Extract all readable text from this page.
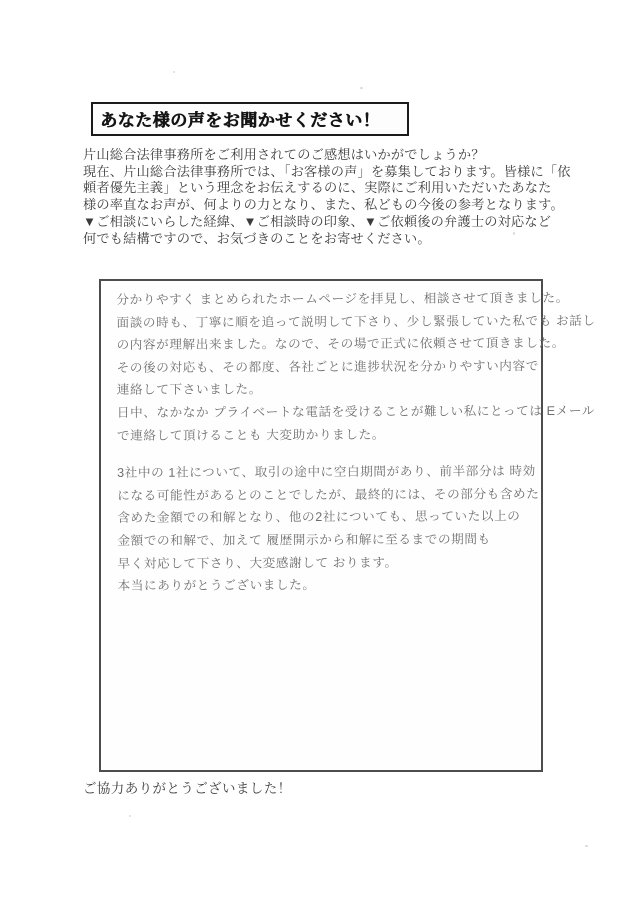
あなた様の声をお聞かせください！
片山総合法律事務所をご利用されてのご感想はいかがでしょうか？
現在、片山総合法律事務所では、「お客様の声」を募集しております。皆様に「依
頼者優先主義」という理念をお伝えするのに、実際にご利用いただいたあなた
様の率直なお声が、何よりの力となり、また、私どもの今後の参考となります。
▼ご相談にいらした経緯、▼ご相談時の印象、▼ご依頼後の弁護士の対応など
何でも結構ですので、お気づきのことをお寄せください。
分かりやすく まとめられたホームページを拝見し、相談させて頂きました。
面談の時も、丁寧に順を追って説明して下さり、少し緊張していた私でも お話し
の内容が理解出来ました。なので、その場で正式に依頼させて頂きました。
その後の対応も、その都度、各社ごとに進捗状況を分かりやすい内容で
連絡して下さいました。
日中、なかなか プライベートな電話を受けることが難しい私にとっては Eメール
で連絡して頂けることも 大変助かりました。
3社中の 1社について、取引の途中に空白期間があり、前半部分は 時効
になる可能性があるとのことでしたが、最終的には、その部分も含めた
含めた金額での和解となり、他の2社についても、思っていた以上の
金額での和解で、加えて 履歴開示から和解に至るまでの期間も
早く対応して下さり、大変感謝して おります。
本当にありがとうございました。
ご協力ありがとうございました！
